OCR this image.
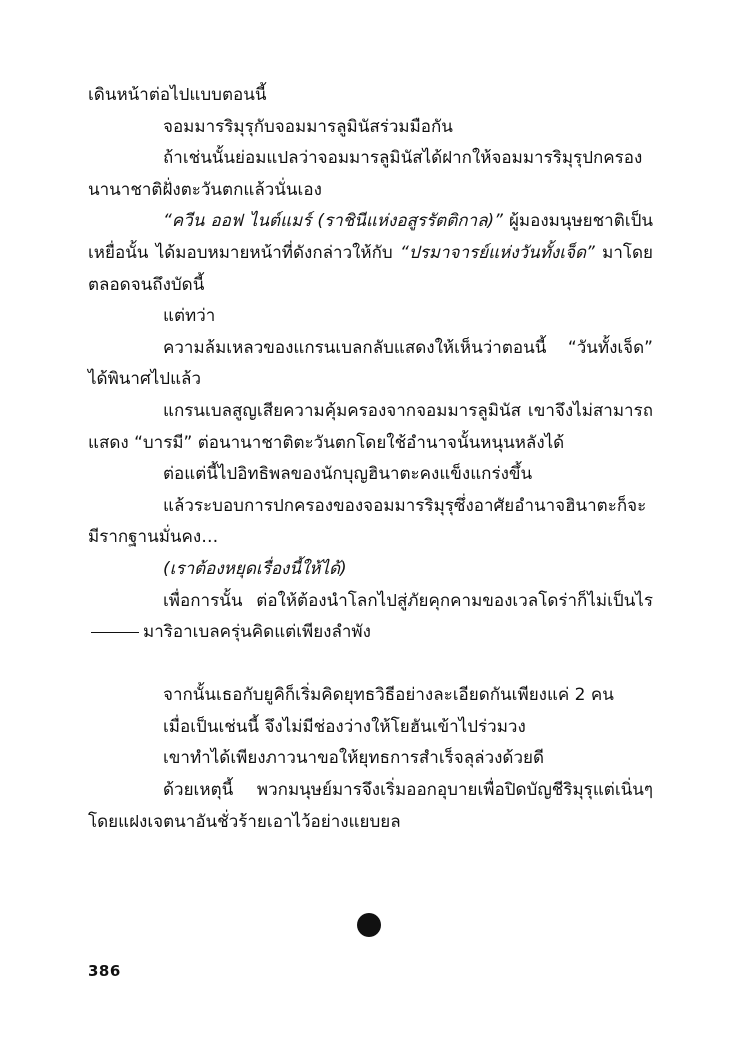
เดินหน้าต่อไปแบบตอนนี้

จอมมารริมุรุกับจอมมารลูมินัสร่วมมือกัน

ถ้าเช่นนั้นย่อมแปลว่าจอมมารลูมินัสได้ฝากให้จอมมารริมุรุปกครองนานาชาติฝั่งตะวันตกแล้วนั่นเอง

“ควีน ออฟ ไนต์แมร์ (ราชินีแห่งอสูรรัตติกาล)” ผู้มองมนุษยชาติเป็นเหยื่อนั้น ได้มอบหมายหน้าที่ดังกล่าวให้กับ “ปรมาจารย์แห่งวันทั้งเจ็ด” มาโดยตลอดจนถึงบัดนี้

แต่ทว่า

ความล้มเหลวของแกรนเบลกลับแสดงให้เห็นว่าตอนนี้ “วันทั้งเจ็ด” ได้พินาศไปแล้ว

แกรนเบลสูญเสียความคุ้มครองจากจอมมารลูมินัส เขาจึงไม่สามารถแสดง “บารมี” ต่อนานาชาติตะวันตกโดยใช้อำนาจนั้นหนุนหลังได้

ต่อแต่นี้ไปอิทธิพลของนักบุญฮินาตะคงแข็งแกร่งขึ้น

แล้วระบอบการปกครองของจอมมารริมุรุซึ่งอาศัยอำนาจฮินาตะก็จะมีรากฐานมั่นคง…

(เราต้องหยุดเรื่องนี้ให้ได้)

เพื่อการนั้น ต่อให้ต้องนำโลกไปสู่ภัยคุกคามของเวลโดร่าก็ไม่เป็นไรมาริอาเบลครุ่นคิดแต่เพียงลำพัง

จากนั้นเธอกับยูคิก็เริ่มคิดยุทธวิธีอย่างละเอียดกันเพียงแค่ 2 คน

เมื่อเป็นเช่นนี้ จึงไม่มีช่องว่างให้โยฮันเข้าไปร่วมวง

เขาทำได้เพียงภาวนาขอให้ยุทธการสำเร็จลุล่วงด้วยดี

ด้วยเหตุนี้ พวกมนุษย์มารจึงเริ่มออกอุบายเพื่อปิดบัญชีริมุรุแต่เนิ่นๆ โดยแฝงเจตนาอันชั่วร้ายเอาไว้อย่างแยบยล

386
